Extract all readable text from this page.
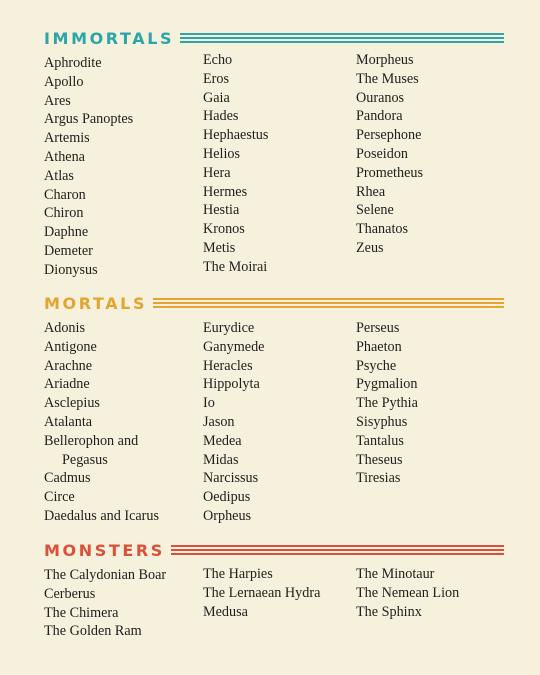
IMMORTALS
Aphrodite
Apollo
Ares
Argus Panoptes
Artemis
Athena
Atlas
Charon
Chiron
Daphne
Demeter
Dionysus
Echo
Eros
Gaia
Hades
Hephaestus
Helios
Hera
Hermes
Hestia
Kronos
Metis
The Moirai
Morpheus
The Muses
Ouranos
Pandora
Persephone
Poseidon
Prometheus
Rhea
Selene
Thanatos
Zeus
MORTALS
Adonis
Antigone
Arachne
Ariadne
Asclepius
Atalanta
Bellerophon and
Pegasus
Cadmus
Circe
Daedalus and Icarus
Eurydice
Ganymede
Heracles
Hippolyta
Io
Jason
Medea
Midas
Narcissus
Oedipus
Orpheus
Perseus
Phaeton
Psyche
Pygmalion
The Pythia
Sisyphus
Tantalus
Theseus
Tiresias
MONSTERS
The Calydonian Boar
Cerberus
The Chimera
The Golden Ram
The Harpies
The Lernaean Hydra
Medusa
The Minotaur
The Nemean Lion
The Sphinx
